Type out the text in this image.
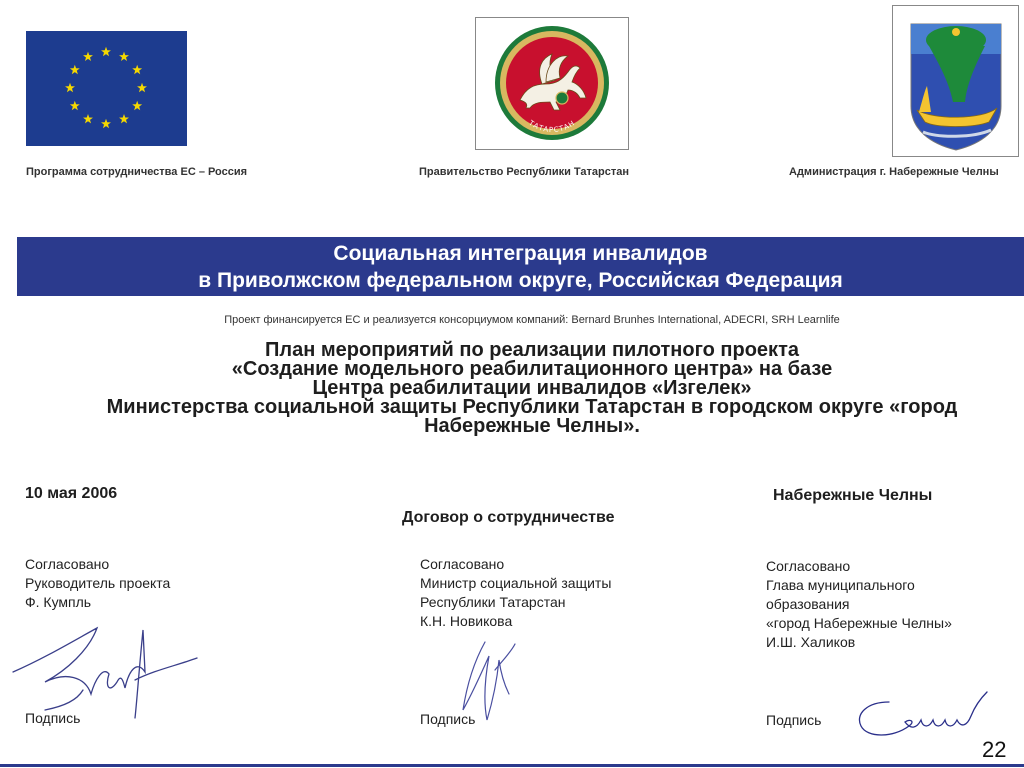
ТАТАРСТАН
Программа сотрудничества ЕС – Россия	Правительство Республики Татарстан	Администрация г. Набережные Челны
Социальная интеграция инвалидов
в Приволжском федеральном округе, Российская Федерация
Проект финансируется ЕС и реализуется консорциумом компаний: Bernard Brunhes International, ADECRI, SRH Learnlife
План мероприятий по реализации пилотного проекта
«Создание модельного реабилитационного центра» на базе
Центра реабилитации инвалидов «Изгелек»
Министерства социальной защиты Республики Татарстан в городском округе «город
Набережные Челны».
10 мая 2006	Набережные Челны
Договор о сотрудничестве
Согласовано
Руководитель проекта
Ф. Кумпль
Согласовано
Министр социальной защиты
Республики Татарстан
К.Н. Новикова
Согласовано
Глава муниципального
образования
«город Набережные Челны»
И.Ш. Халиков
Подпись	Подпись	Подпись
22
